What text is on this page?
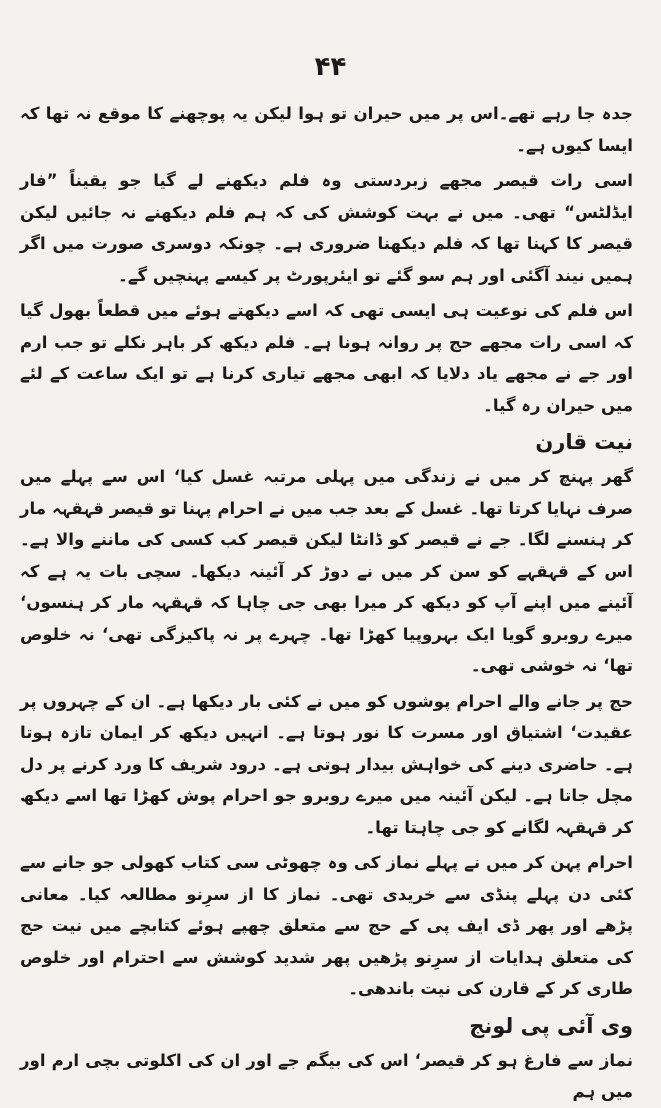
۴۴

جدہ جا رہے تھے۔اس پر میں حیران تو ہوا لیکن یہ پوچھنے کا موقع نہ تھا کہ ایسا کیوں ہے۔

اسی رات قیصر مجھے زبردستی وہ فلم دیکھنے لے گیا جو یقیناً ”فار ایڈلٹس“ تھی۔ میں نے بہت کوشش کی کہ ہم فلم دیکھنے نہ جائیں لیکن قیصر کا کہنا تھا کہ فلم دیکھنا ضروری ہے۔ چونکہ دوسری صورت میں اگر ہمیں نیند آگئی اور ہم سو گئے تو ایئرپورٹ پر کیسے پہنچیں گے۔

اس فلم کی نوعیت ہی ایسی تھی کہ اسے دیکھتے ہوئے میں قطعاً بھول گیا کہ اسی رات مجھے حج پر روانہ ہونا ہے۔ فلم دیکھ کر باہر نکلے تو جب ارم اور جے نے مجھے یاد دلایا کہ ابھی مجھے تیاری کرنا ہے تو ایک ساعت کے لئے میں حیران رہ گیا۔

نیت قارن

گھر پہنچ کر میں نے زندگی میں پہلی مرتبہ غسل کیا‘ اس سے پہلے میں صرف نہایا کرتا تھا۔ غسل کے بعد جب میں نے احرام پہنا تو قیصر قہقہہ مار کر ہنسنے لگا۔ جے نے قیصر کو ڈانٹا لیکن قیصر کب کسی کی ماننے والا ہے۔ اس کے قہقہے کو سن کر میں نے دوڑ کر آئینہ دیکھا۔ سچی بات یہ ہے کہ آئینے میں اپنے آپ کو دیکھ کر میرا بھی جی چاہا کہ قہقہہ مار کر ہنسوں‘ میرے روبرو گویا ایک بہروپیا کھڑا تھا۔ چہرے پر نہ پاکیزگی تھی‘ نہ خلوص تھا‘ نہ خوشی تھی۔

حج پر جانے والے احرام پوشوں کو میں نے کئی بار دیکھا ہے۔ ان کے چہروں پر عقیدت‘ اشتیاق اور مسرت کا نور ہوتا ہے۔ انہیں دیکھ کر ایمان تازہ ہوتا ہے۔ حاضری دینے کی خواہش بیدار ہوتی ہے۔ درود شریف کا ورد کرنے پر دل مچل جاتا ہے۔ لیکن آئینہ میں میرے روبرو جو احرام پوش کھڑا تھا اسے دیکھ کر قہقہہ لگانے کو جی چاہتا تھا۔

احرام پہن کر میں نے پہلے نماز کی وہ چھوٹی سی کتاب کھولی جو جانے سے کئی دن پہلے پنڈی سے خریدی تھی۔ نماز کا از سرِنو مطالعہ کیا۔ معانی پڑھے اور پھر ڈی ایف پی کے حج سے متعلق چھپے ہوئے کتابچے میں نیت حج کی متعلق ہدایات از سرِنو پڑھیں پھر شدید کوشش سے احترام اور خلوص طاری کر کے قارن کی نیت باندھی۔

وی آئی پی لونج

نماز سے فارغ ہو کر قیصر‘ اس کی بیگم جے اور ان کی اکلوتی بچی ارم اور میں ہم
